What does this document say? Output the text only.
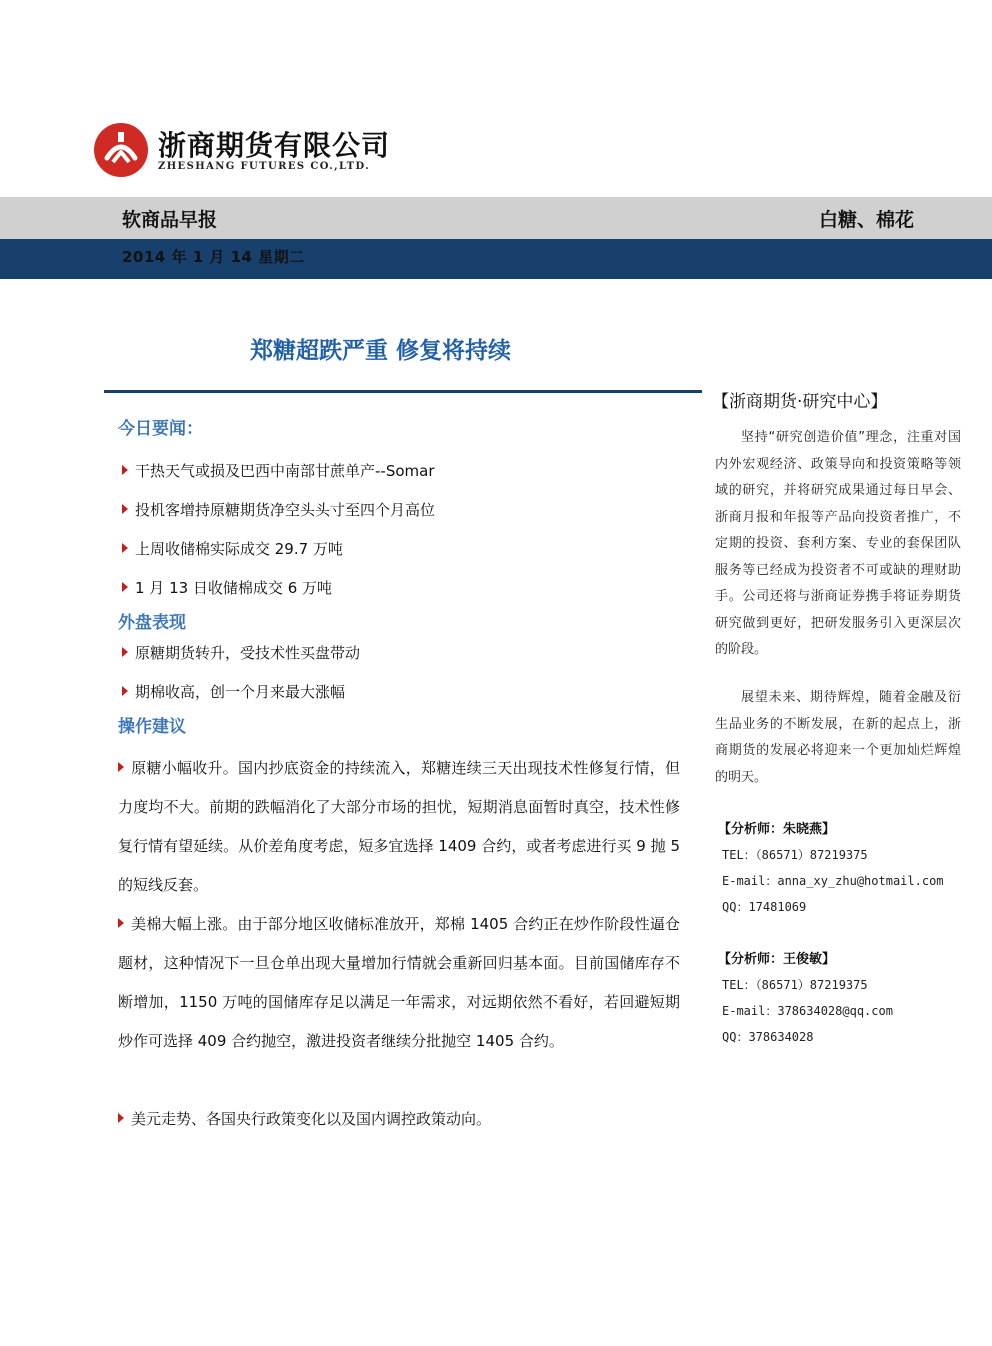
浙商期货有限公司
ZHESHANG FUTURES CO.,LTD.
软商品早报	白糖、棉花
2014 年 1 月 14 星期二
郑糖超跌严重 修复将持续
今日要闻：
干热天气或损及巴西中南部甘蔗单产--Somar
投机客增持原糖期货净空头头寸至四个月高位
上周收储棉实际成交 29.7 万吨
1 月 13 日收储棉成交 6 万吨
外盘表现
原糖期货转升，受技术性买盘带动
期棉收高，创一个月来最大涨幅
操作建议
原糖小幅收升。国内抄底资金的持续流入，郑糖连续三天出现技术性修复行情，但力度均不大。前期的跌幅消化了大部分市场的担忧，短期消息面暂时真空，技术性修复行情有望延续。从价差角度考虑，短多宜选择 1409 合约，或者考虑进行买 9 抛 5 的短线反套。
美棉大幅上涨。由于部分地区收储标准放开，郑棉 1405 合约正在炒作阶段性逼仓题材，这种情况下一旦仓单出现大量增加行情就会重新回归基本面。目前国储库存不断增加，1150 万吨的国储库存足以满足一年需求，对远期依然不看好，若回避短期炒作可选择 409 合约抛空，激进投资者继续分批抛空 1405 合约。
美元走势、各国央行政策变化以及国内调控政策动向。
【浙商期货·研究中心】
坚持“研究创造价值”理念，注重对国内外宏观经济、政策导向和投资策略等领域的研究，并将研究成果通过每日早会、浙商月报和年报等产品向投资者推广，不定期的投资、套利方案、专业的套保团队服务等已经成为投资者不可或缺的理财助手。公司还将与浙商证券携手将证券期货研究做到更好，把研发服务引入更深层次的阶段。
展望未来、期待辉煌，随着金融及衍生品业务的不断发展，在新的起点上，浙商期货的发展必将迎来一个更加灿烂辉煌的明天。
【分析师：朱晓燕】
TEL：（86571）87219375
E-mail：anna_xy_zhu@hotmail.com
QQ：17481069
【分析师：王俊敏】
TEL：（86571）87219375
E-mail：378634028@qq.com
QQ：378634028
